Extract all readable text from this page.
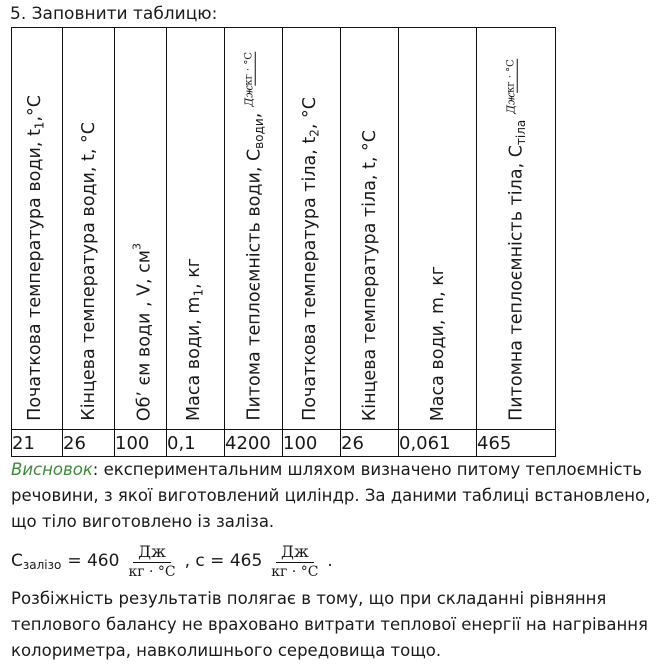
5. Заповнити таблицю:
Початкова температура води, $t_1,^\circ C$	Кінцева температура води, t, °C	Об’ єм води , V, $см^3$	Маса води, $m_1$, кг	Питома теплоємність води, $C_{води}$, Джкг · °С	Початкова температура тіла, $t_2$, °C	Кінцева температура тіла, t, °C	Маса води, m, кг	Питомна теплоємність тіла, $C_{тіла}$ Джкг · °С

21	26	100	0,1	4200	100	26	0,061	465
Висновок: експериментальним шляхом визначено питому теплоємність речовини, з якої виготовлений циліндр. За даними таблиці встановлено, що тіло виготовлено із заліза.
С залізо = $460 \frac{Дж}{кг \cdot ^\circ С}$ , $с = 465 \frac{Дж}{кг \cdot ^\circ С}$ .
Розбіжність результатів полягає в тому, що при складанні рівняння теплового балансу не враховано витрати теплової енергії на нагрівання колориметра, навколишнього середовища тощо.
